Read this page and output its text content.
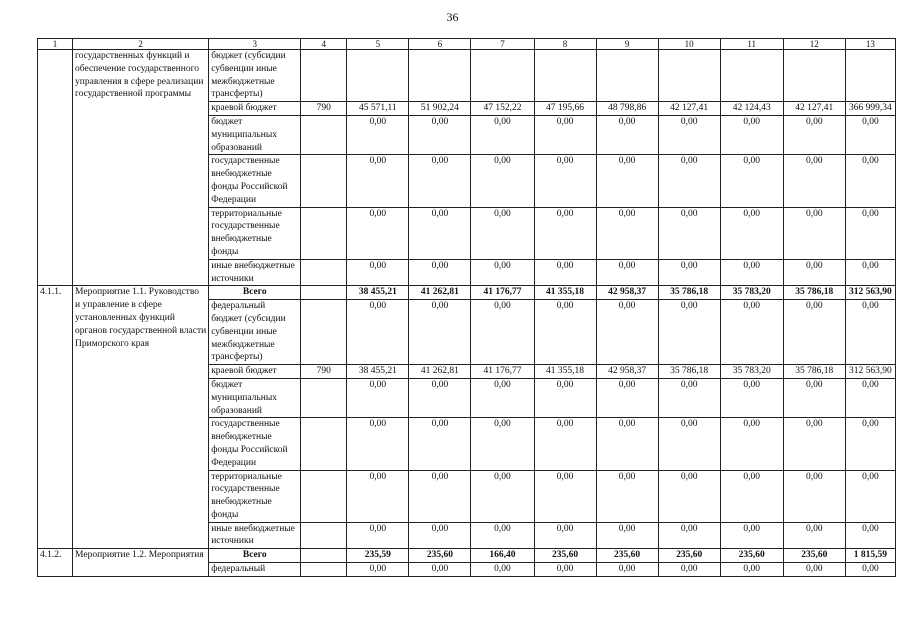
36
1	2	3	4	5	6	7	8	9	10	11	12	13
	государственных функций и обеспечение государственного управления в сфере реализации государственной программы	бюджет (субсидии субвенции иные межбюджетные трансферты)										
		краевой бюджет	790	45 571,11	51 902,24	47 152,22	47 195,66	48 798,86	42 127,41	42 124,43	42 127,41	366 999,34
		бюджет муниципальных образований		0,00	0,00	0,00	0,00	0,00	0,00	0,00	0,00	0,00
		государственные внебюджетные фонды Российской Федерации		0,00	0,00	0,00	0,00	0,00	0,00	0,00	0,00	0,00
		территориальные государственные внебюджетные фонды		0,00	0,00	0,00	0,00	0,00	0,00	0,00	0,00	0,00
		иные внебюджетные источники		0,00	0,00	0,00	0,00	0,00	0,00	0,00	0,00	0,00
4.1.1.	Мероприятие 1.1. Руководство и управление в сфере установленных функций органов государственной власти Приморского края	Всего		38 455,21	41 262,81	41 176,77	41 355,18	42 958,37	35 786,18	35 783,20	35 786,18	312 563,90
		федеральный бюджет (субсидии субвенции иные межбюджетные трансферты)		0,00	0,00	0,00	0,00	0,00	0,00	0,00	0,00	0,00
		краевой бюджет	790	38 455,21	41 262,81	41 176,77	41 355,18	42 958,37	35 786,18	35 783,20	35 786,18	312 563,90
		бюджет муниципальных образований		0,00	0,00	0,00	0,00	0,00	0,00	0,00	0,00	0,00
		государственные внебюджетные фонды Российской Федерации		0,00	0,00	0,00	0,00	0,00	0,00	0,00	0,00	0,00
		территориальные государственные внебюджетные фонды		0,00	0,00	0,00	0,00	0,00	0,00	0,00	0,00	0,00
		иные внебюджетные источники		0,00	0,00	0,00	0,00	0,00	0,00	0,00	0,00	0,00
4.1.2.	Мероприятие 1.2. Мероприятия	Всего		235,59	235,60	166,40	235,60	235,60	235,60	235,60	235,60	1 815,59
		федеральный		0,00	0,00	0,00	0,00	0,00	0,00	0,00	0,00	0,00
